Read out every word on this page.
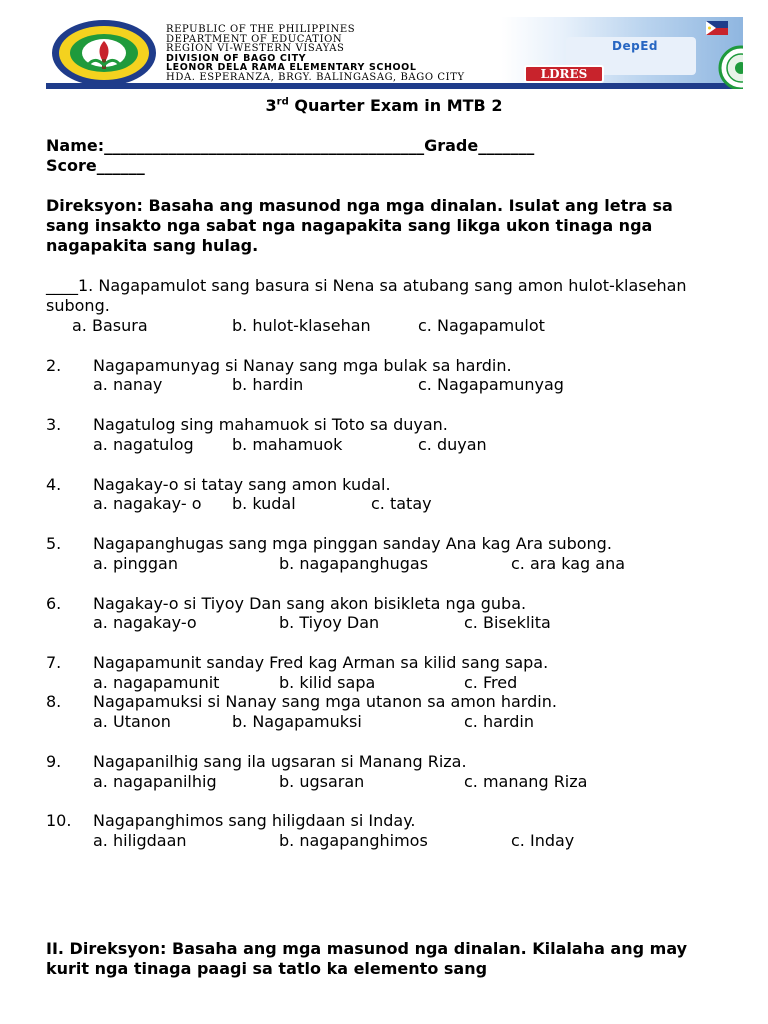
REPUBLIC OF THE PHILIPPINES
DEPARTMENT OF EDUCATION
REGION VI-WESTERN VISAYAS
DIVISION OF BAGO CITY
LEONOR DELA RAMA ELEMENTARY SCHOOL
HDA. ESPERANZA, BRGY. BALINGASAG, BAGO CITY
DepEd
LDRES
3rd Quarter Exam in MTB 2
Name:________________________________________Grade_______
Score______
Direksyon: Basaha ang masunod nga mga dinalan. Isulat ang letra sa sang insakto nga sabat nga nagapakita sang likga ukon tinaga nga nagapakita sang hulag.
____1. Nagapamulot sang basura si Nena sa atubang sang amon hulot-klasehan subong.
a. Basura	b. hulot-klasehan	c. Nagapamulot
2. Nagapamunyag si Nanay sang mga bulak sa hardin.
a. nanay	b. hardin	c. Nagapamunyag
3. Nagatulog sing mahamuok si Toto sa duyan.
a. nagatulog b. mahamuok	c. duyan
4. Nagakay-o si tatay sang amon kudal.
a. nagakay- o b. kudal	c. tatay
5. Nagapanghugas sang mga pinggan sanday Ana kag Ara subong.
a. pinggan	b. nagapanghugas	c. ara kag ana
6. Nagakay-o si Tiyoy Dan sang akon bisikleta nga guba.
a. nagakay-o	b. Tiyoy Dan	c. Biseklita
7. Nagapamunit sanday Fred kag Arman sa kilid sang sapa.
a. nagapamunit	b. kilid sapa	c. Fred
8. Nagapamuksi si Nanay sang mga utanon sa amon hardin.
a. Utanon	b. Nagapamuksi	c. hardin
9. Nagapanilhig sang ila ugsaran si Manang Riza.
a. nagapanilhig	b. ugsaran	c. manang Riza
10. Nagapanghimos sang hiligdaan si Inday.
a. hiligdaan	b. nagapanghimos	c. Inday
II. Direksyon: Basaha ang mga masunod nga dinalan. Kilalaha ang may kurit nga tinaga paagi sa tatlo ka elemento sang
